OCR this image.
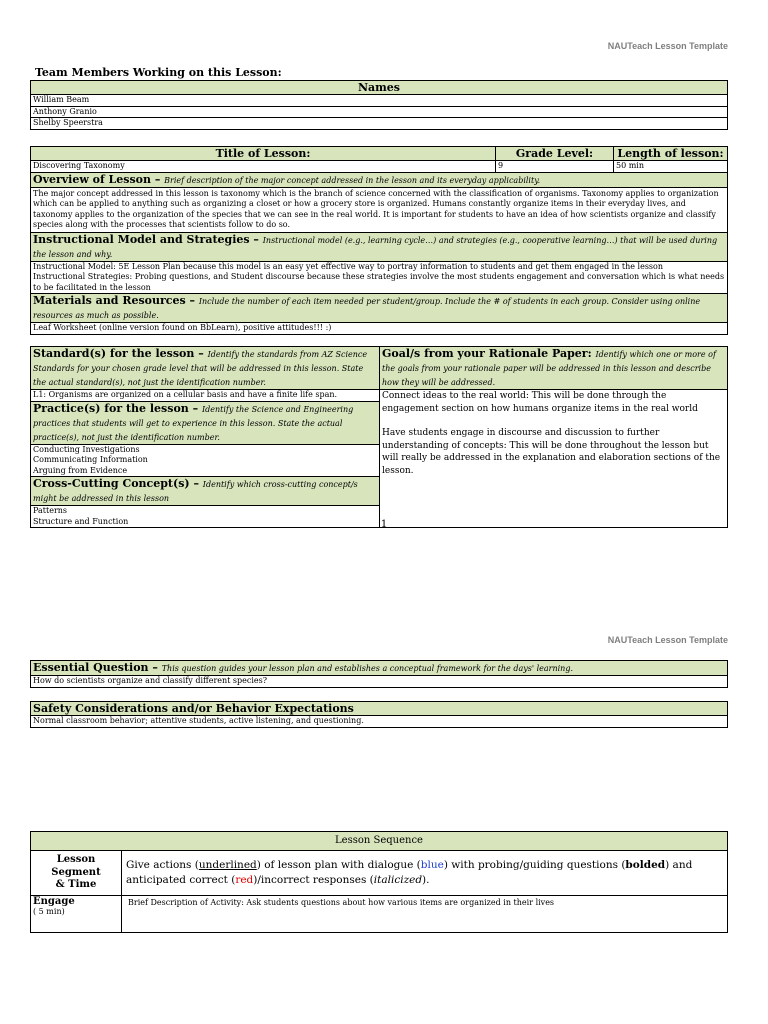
NAUTeach Lesson Template
Team Members Working on this Lesson:
Names
William Beam
Anthony Granio
Shelby Speerstra
Title of Lesson:	Grade Level:	Length of lesson:
Discovering Taxonomy	9	50 min
Overview of Lesson – Brief description of the major concept addressed in the lesson and its everyday applicability.		
The major concept addressed in this lesson is taxonomy which is the branch of science concerned with the classification of organisms. Taxonomy applies to organization which can be applied to anything such as organizing a closet or how a grocery store is organized. Humans constantly organize items in their everyday lives, and taxonomy applies to the organization of the species that we can see in the real world. It is important for students to have an idea of how scientists organize and classify species along with the processes that scientists follow to do so.		
Instructional Model and Strategies – Instructional model (e.g., learning cycle…) and strategies (e.g., cooperative learning…) that will be used during the lesson and why.		

Instructional Model: 5E Lesson Plan because this model is an easy yet effective way to portray information to students and get them engaged in the lesson
Instructional Strategies: Probing questions, and Student discourse because these strategies involve the most students engagement and conversation which is what needs to be facilitated in the lesson		

Materials and Resources – Include the number of each item needed per student/group. Include the # of students in each group. Consider using online resources as much as possible.		
Leaf Worksheet (online version found on BbLearn), positive attitudes!!! :)		
Standard(s) for the lesson – Identify the standards from AZ Science Standards for your chosen grade level that will be addressed in this lesson. State the actual standard(s), not just the identification number.
L1: Organisms are organized on a cellular basis and have a finite life span.
Practice(s) for the lesson – Identify the Science and Engineering practices that students will get to experience in this lesson. State the actual practice(s), not just the identification number.
Conducting Investigations
Communicating Information
Arguing from Evidence
Cross-Cutting Concept(s) – Identify which cross-cutting concept/s might be addressed in this lesson
Patterns
Structure and Function

Goal/s from your Rationale Paper: Identify which one or more of the goals from your rationale paper will be addressed in this lesson and describe how they will be addressed.
Connect ideas to the real world: This will be done through the engagement section on how humans organize items in the real world
Have students engage in discourse and discussion to further understanding of concepts: This will be done throughout the lesson but will really be addressed in the explanation and elaboration sections of the lesson.
1
NAUTeach Lesson Template
Essential Question – This question guides your lesson plan and establishes a conceptual framework for the days' learning.
How do scientists organize and classify different species?
Safety Considerations and/or Behavior Expectations
Normal classroom behavior; attentive students, active listening, and questioning.
Lesson Sequence	

Lesson
Segment
& Time	Give actions (underlined) of lesson plan with dialogue (blue) with probing/guiding questions (bolded) and anticipated correct (red)/incorrect responses (italicized).

Engage
( 5 min)	Brief Description of Activity: Ask students questions about how various items are organized in their lives
